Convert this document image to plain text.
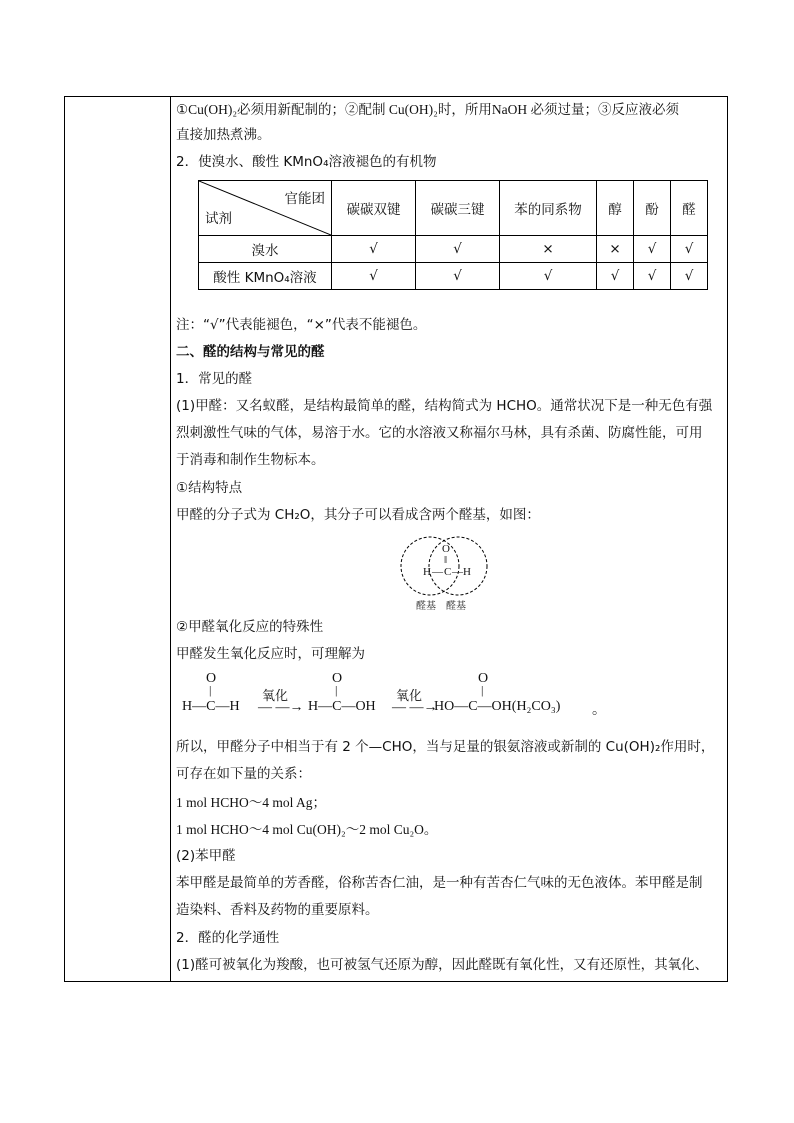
①Cu(OH)₂必须用新配制的；②配制 Cu(OH)₂时，所用NaOH 必须过量；③反应液必须
直接加热煮沸。
2．使溴水、酸性 KMnO₄溶液褪色的有机物
官能团
试剂	碳碳双键	碳碳三键	苯的同系物	醇	酚	醛
溴水	√	√	×	×	√	√
酸性 KMnO₄溶液	√	√	√	√	√	√
注：“√”代表能褪色，“×”代表不能褪色。
二、醛的结构与常见的醛
1．常见的醛
(1)甲醛：又名蚁醛，是结构最简单的醛，结构简式为 HCHO。通常状况下是一种无色有强
烈刺激性气味的气体，易溶于水。它的水溶液又称福尔马林，具有杀菌、防腐性能，可用
于消毒和制作生物标本。
①结构特点
甲醛的分子式为 CH₂O，其分子可以看成含两个醛基，如图：
O
‖
H — C — H
醛基 醛基
②甲醛氧化反应的特殊性
甲醛发生氧化反应时，可理解为
O
|
H—C—H
氧化
— —→
O
|
H—C—OH
氧化
— —→
O
|
HO—C—OH(H₂CO₃) 。
所以，甲醛分子中相当于有 2 个—CHO，当与足量的银氨溶液或新制的 Cu(OH)₂作用时，
可存在如下量的关系：
1 mol HCHO～4 mol Ag；
1 mol HCHO～4 mol Cu(OH)₂～2 mol Cu₂O。
(2)苯甲醛
苯甲醛是最简单的芳香醛，俗称苦杏仁油，是一种有苦杏仁气味的无色液体。苯甲醛是制
造染料、香料及药物的重要原料。
2．醛的化学通性
(1)醛可被氧化为羧酸，也可被氢气还原为醇，因此醛既有氧化性，又有还原性，其氧化、
